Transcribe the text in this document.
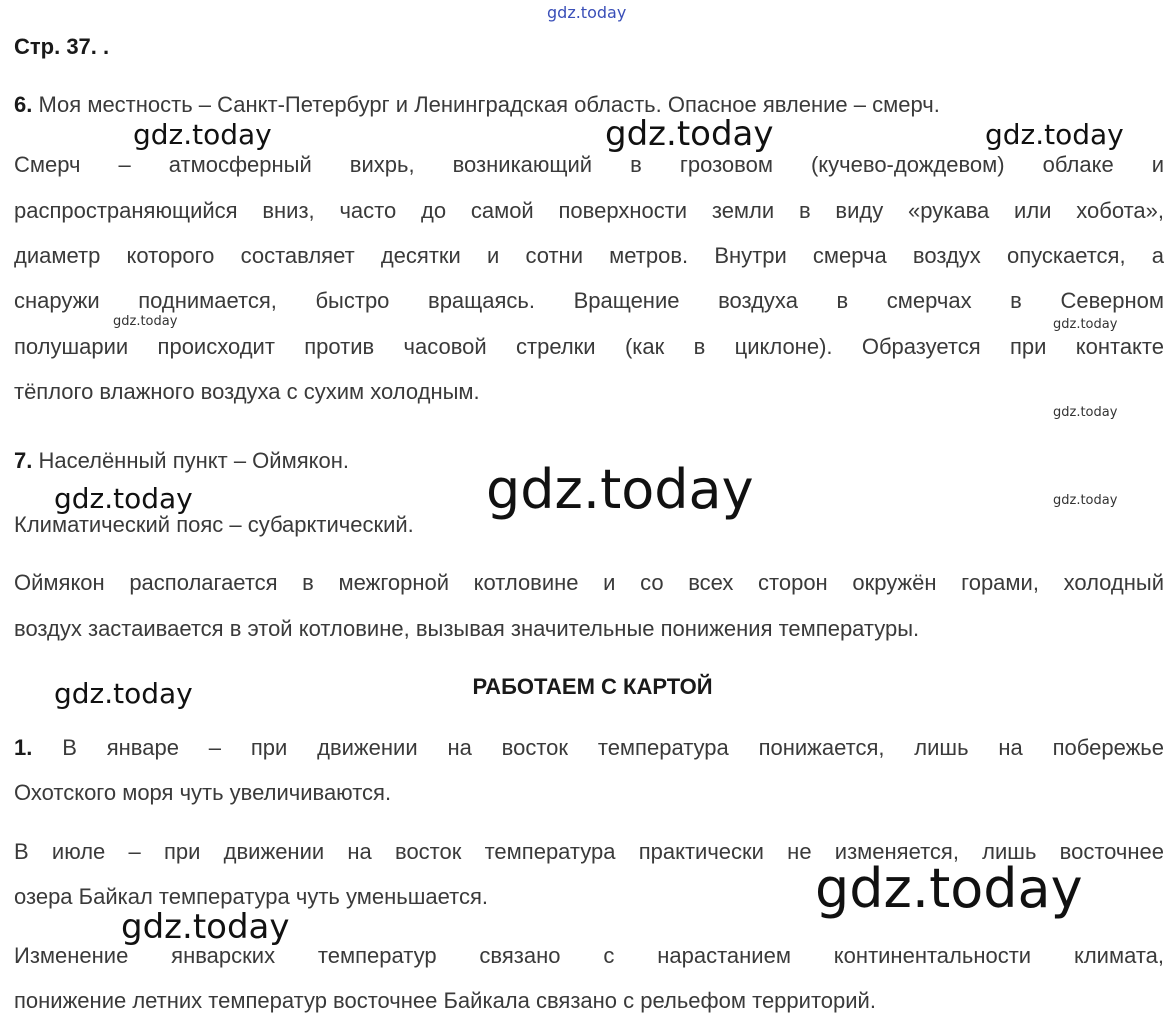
Стр. 37. .
6. Моя местность – Санкт-Петербург и Ленинградская область. Опасное явление – смерч.
Смерч – атмосферный вихрь, возникающий в грозовом (кучево-дождевом) облаке и
распространяющийся вниз, часто до самой поверхности земли в виду «рукава или хобота»,
диаметр которого составляет десятки и сотни метров. Внутри смерча воздух опускается, а
снаружи поднимается, быстро вращаясь. Вращение воздуха в смерчах в Северном
полушарии происходит против часовой стрелки (как в циклоне). Образуется при контакте
тёплого влажного воздуха с сухим холодным.
7. Населённый пункт – Оймякон.
Климатический пояс – субарктический.
Оймякон располагается в межгорной котловине и со всех сторон окружён горами, холодный
воздух застаивается в этой котловине, вызывая значительные понижения температуры.
РАБОТАЕМ С КАРТОЙ
1. В январе – при движении на восток температура понижается, лишь на побережье
Охотского моря чуть увеличиваются.
В июле – при движении на восток температура практически не изменяется, лишь восточнее
озера Байкал температура чуть уменьшается.
Изменение январских температур связано с нарастанием континентальности климата,
понижение летних температур восточнее Байкала связано с рельефом территорий.
gdz.today
gdz.today	gdz.today	gdz.today
gdz.today	gdz.today
gdz.today
gdz.today	gdz.today	gdz.today
gdz.today
gdz.today
gdz.today
